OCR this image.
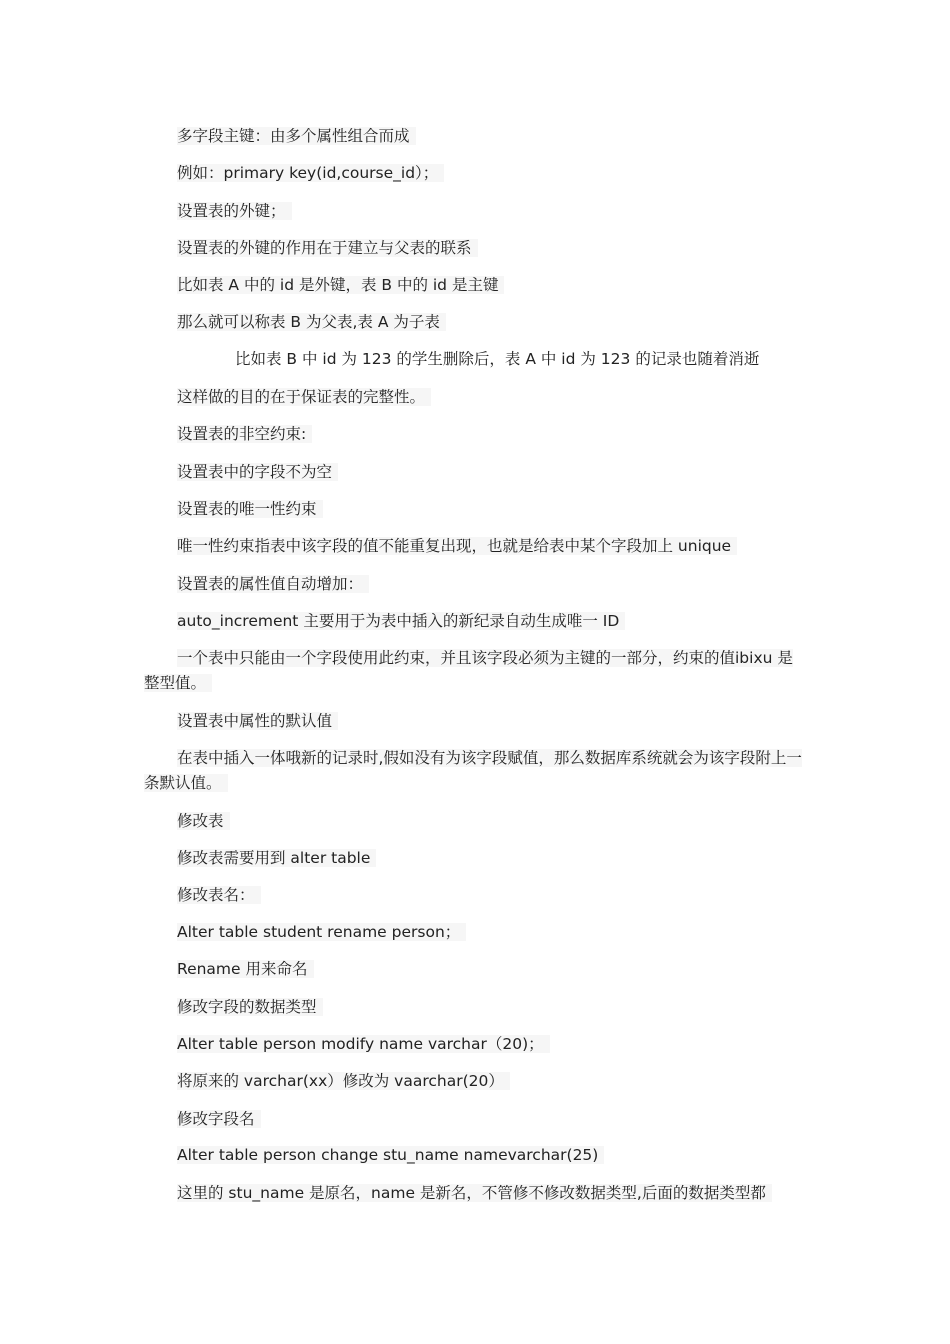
多字段主键：由多个属性组合而成
例如：primary key(id,course_id）；
设置表的外键；
设置表的外键的作用在于建立与父表的联系
比如表 A 中的 id 是外键，表 B 中的 id 是主键
那么就可以称表 B 为父表,表 A 为子表
比如表 B 中 id 为 123 的学生删除后，表 A 中 id 为 123 的记录也随着消逝
这样做的目的在于保证表的完整性。
设置表的非空约束:
设置表中的字段不为空
设置表的唯一性约束
唯一性约束指表中该字段的值不能重复出现，也就是给表中某个字段加上 unique
设置表的属性值自动增加：
auto_increment 主要用于为表中插入的新纪录自动生成唯一 ID
一个表中只能由一个字段使用此约束，并且该字段必须为主键的一部分，约束的值ibixu 是整型值。
设置表中属性的默认值
在表中插入一体哦新的记录时,假如没有为该字段赋值，那么数据库系统就会为该字段附上一条默认值。
修改表
修改表需要用到 alter table
修改表名：
Alter table student rename person；
Rename 用来命名
修改字段的数据类型
Alter table person modify name varchar（20)；
将原来的 varchar(xx）修改为 vaarchar(20）
修改字段名
Alter table person change stu_name namevarchar(25)
这里的 stu_name 是原名，name 是新名，不管修不修改数据类型,后面的数据类型都
